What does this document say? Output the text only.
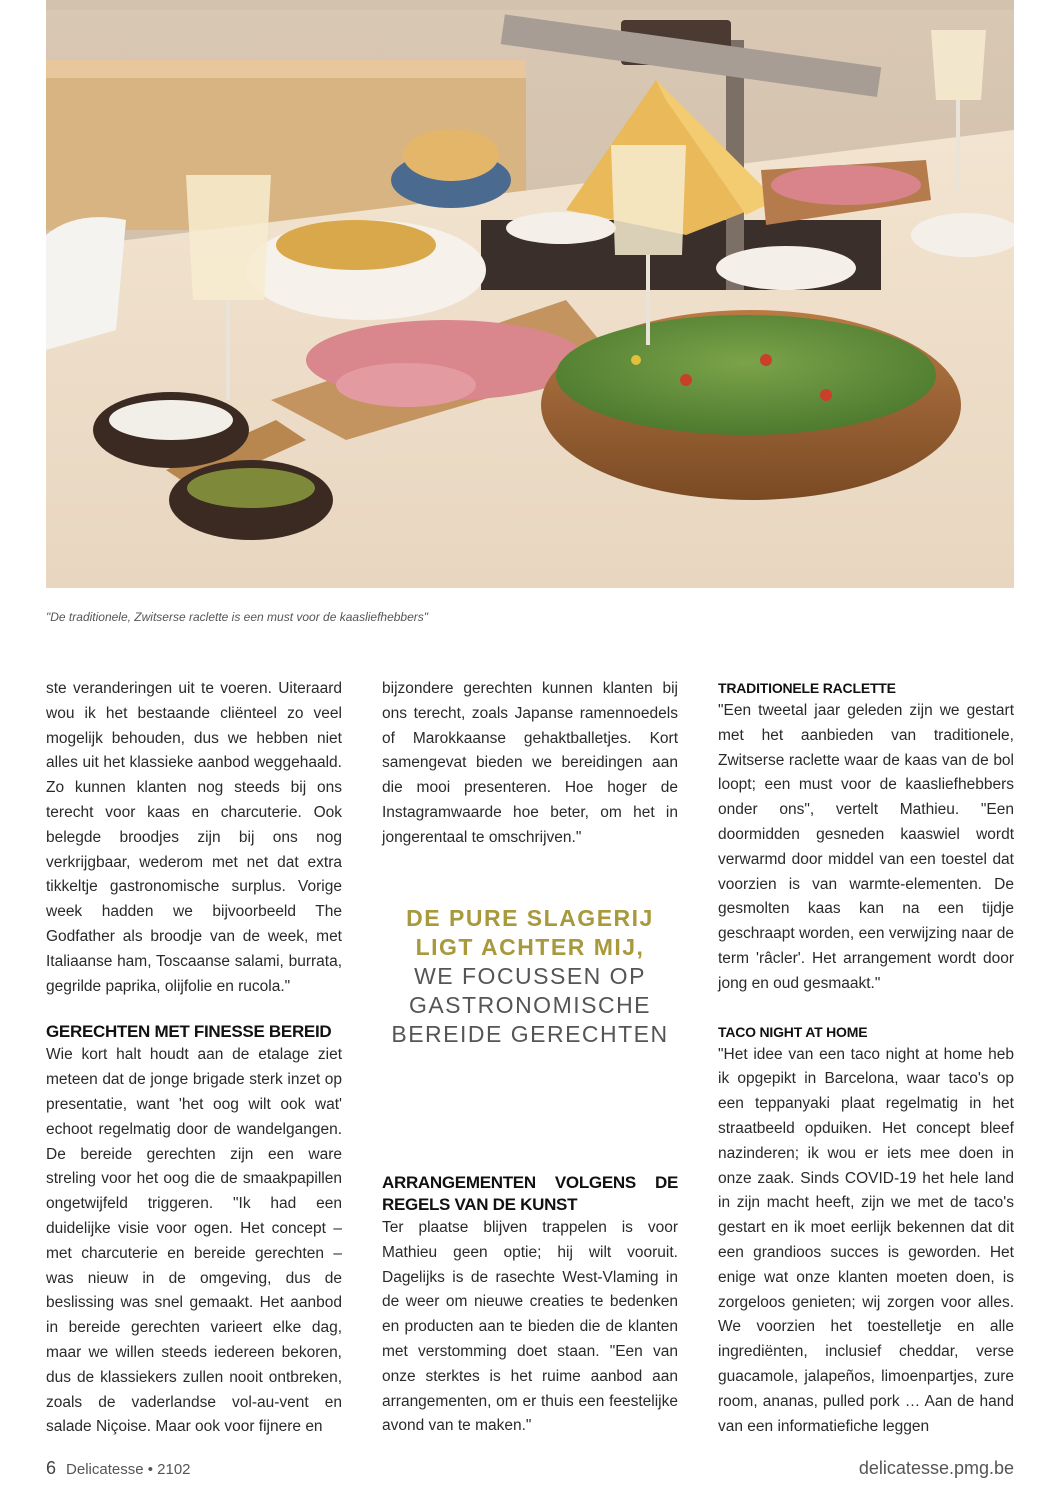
"De traditionele, Zwitserse raclette is een must voor de kaasliefhebbers"

ste veranderingen uit te voeren. Uiteraard wou ik het bestaande cliënteel zo veel mogelijk behouden, dus we hebben niet alles uit het klassieke aanbod weggehaald. Zo kunnen klanten nog steeds bij ons terecht voor kaas en charcuterie. Ook belegde broodjes zijn bij ons nog verkrijgbaar, wederom met net dat extra tikkeltje gastronomische surplus. Vorige week hadden we bijvoorbeeld The Godfather als broodje van de week, met Italiaanse ham, Toscaanse salami, burrata, gegrilde paprika, olijfolie en rucola."

GERECHTEN MET FINESSE BEREID

Wie kort halt houdt aan de etalage ziet meteen dat de jonge brigade sterk inzet op presentatie, want 'het oog wilt ook wat' echoot regelmatig door de wandelgangen. De bereide gerechten zijn een ware streling voor het oog die de smaakpapillen ongetwijfeld triggeren. "Ik had een duidelijke visie voor ogen. Het concept – met charcuterie en bereide gerechten – was nieuw in de omgeving, dus de beslissing was snel gemaakt. Het aanbod in bereide gerechten varieert elke dag, maar we willen steeds iedereen bekoren, dus de klassiekers zullen nooit ontbreken, zoals de vaderlandse vol-au-vent en salade Niçoise. Maar ook voor fijnere en

bijzondere gerechten kunnen klanten bij ons terecht, zoals Japanse ramennoedels of Marokkaanse gehaktballetjes. Kort samengevat bieden we bereidingen aan die mooi presenteren. Hoe hoger de Instagramwaarde hoe beter, om het in jongerentaal te omschrijven."

DE PURE SLAGERIJ
LIGT ACHTER MIJ,
WE FOCUSSEN OP
GASTRONOMISCHE
BEREIDE GERECHTEN
ARRANGEMENTEN VOLGENS DE REGELS VAN DE KUNST

Ter plaatse blijven trappelen is voor Mathieu geen optie; hij wilt vooruit. Dagelijks is de rasechte West-Vlaming in de weer om nieuwe creaties te bedenken en producten aan te bieden die de klanten met verstomming doet staan. "Een van onze sterktes is het ruime aanbod aan arrangementen, om er thuis een feestelijke avond van te maken."

TRADITIONELE RACLETTE

"Een tweetal jaar geleden zijn we gestart met het aanbieden van traditionele, Zwitserse raclette waar de kaas van de bol loopt; een must voor de kaasliefhebbers onder ons", vertelt Mathieu. "Een doormidden gesneden kaaswiel wordt verwarmd door middel van een toestel dat voorzien is van warmte-elementen. De gesmolten kaas kan na een tijdje geschraapt worden, een verwijzing naar de term 'râcler'. Het arrangement wordt door jong en oud gesmaakt."

TACO NIGHT AT HOME

"Het idee van een taco night at home heb ik opgepikt in Barcelona, waar taco's op een teppanyaki plaat regelmatig in het straatbeeld opduiken. Het concept bleef nazinderen; ik wou er iets mee doen in onze zaak. Sinds COVID-19 het hele land in zijn macht heeft, zijn we met de taco's gestart en ik moet eerlijk bekennen dat dit een grandioos succes is geworden. Het enige wat onze klanten moeten doen, is zorgeloos genieten; wij zorgen voor alles. We voorzien het toestelletje en alle ingrediënten, inclusief cheddar, verse guacamole, jalapeños, limoenpartjes, zure room, ananas, pulled pork … Aan de hand van een informatiefiche leggen

6 Delicatesse • 2102	delicatesse.pmg.be
